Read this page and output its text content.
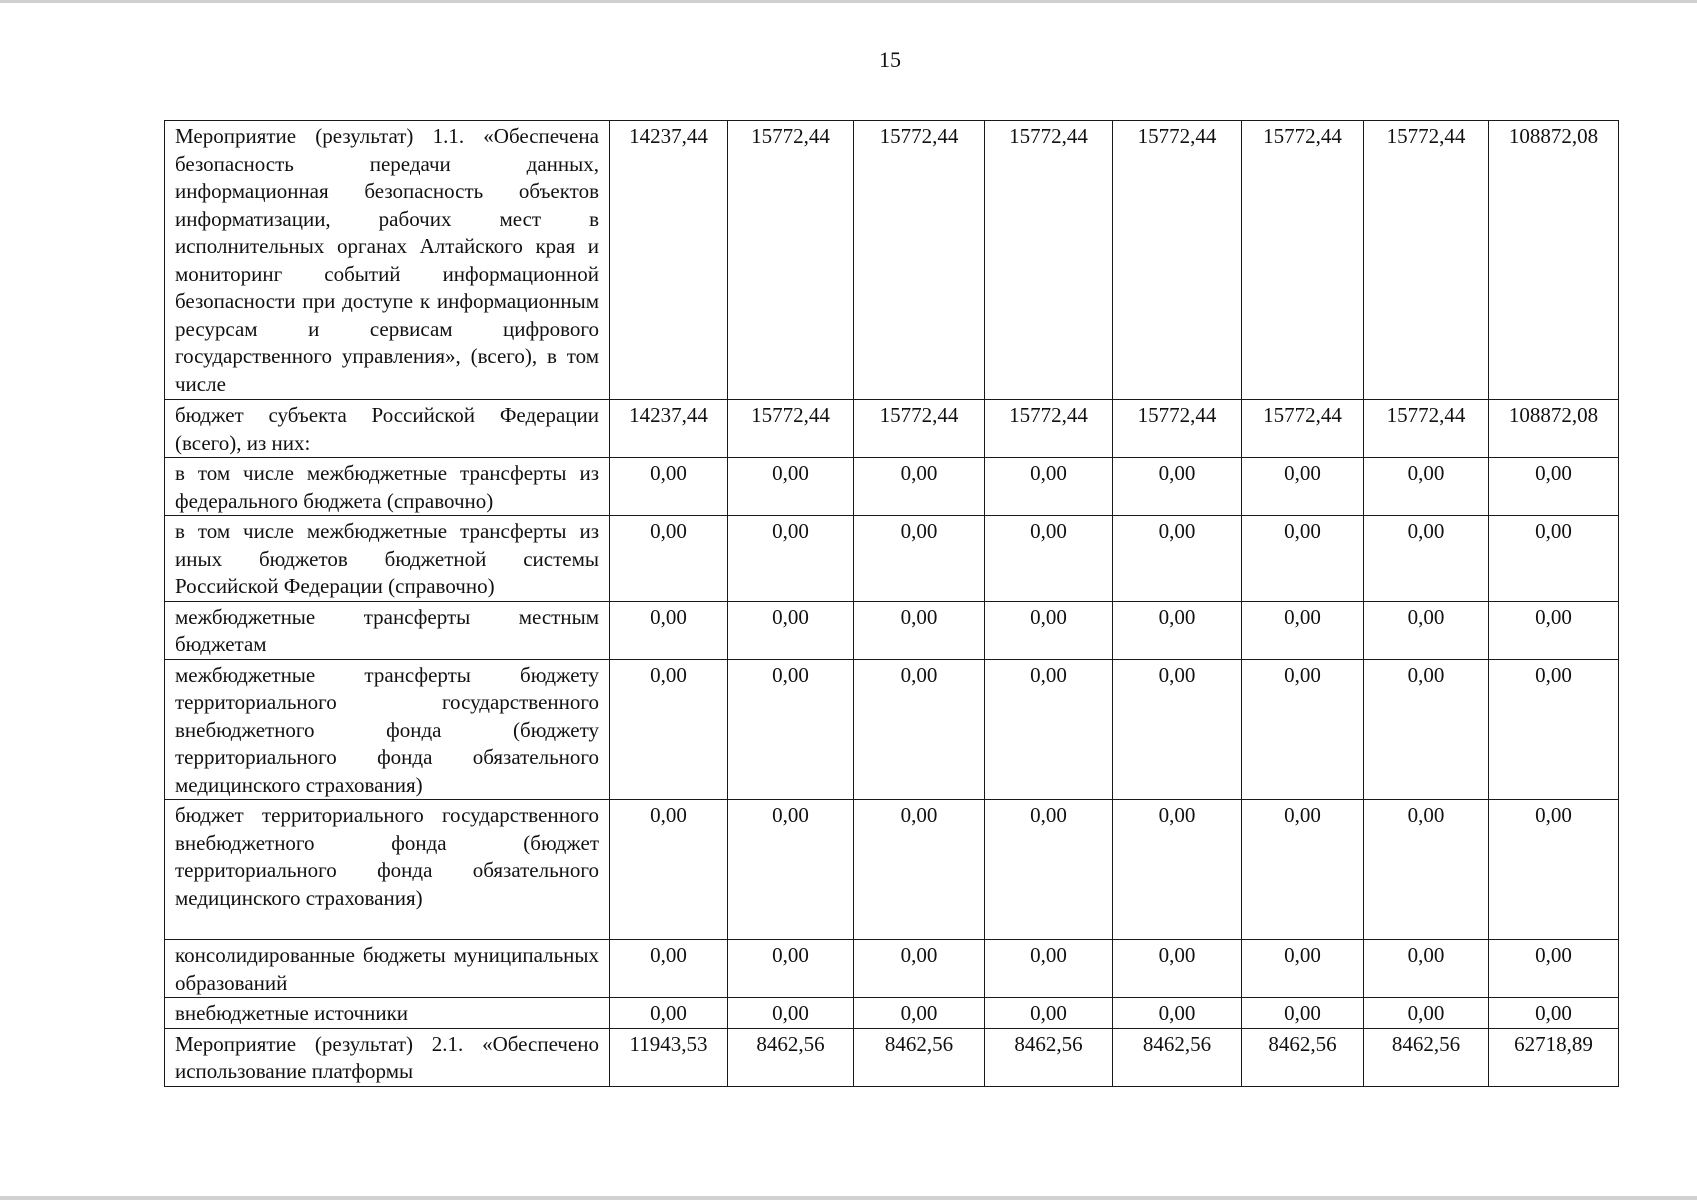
15
Мероприятие (результат) 1.1. «Обеспечена безопасность передачи данных, информационная безопасность объектов информатизации, рабочих мест в исполнительных органах Алтайского края и мониторинг событий информационной безопасности при доступе к информационным ресурсам и сервисам цифрового государственного управления», (всего), в том числе	14237,44	15772,44	15772,44	15772,44	15772,44	15772,44	15772,44	108872,08
бюджет субъекта Российской Федерации (всего), из них:	14237,44	15772,44	15772,44	15772,44	15772,44	15772,44	15772,44	108872,08
в том числе межбюджетные трансферты из федерального бюджета (справочно)	0,00	0,00	0,00	0,00	0,00	0,00	0,00	0,00
в том числе межбюджетные трансферты из иных бюджетов бюджетной системы Российской Федерации (справочно)	0,00	0,00	0,00	0,00	0,00	0,00	0,00	0,00
межбюджетные трансферты местным бюджетам	0,00	0,00	0,00	0,00	0,00	0,00	0,00	0,00
межбюджетные трансферты бюджету территориального государственного внебюджетного фонда (бюджету территориального фонда обязательного медицинского страхования)	0,00	0,00	0,00	0,00	0,00	0,00	0,00	0,00
бюджет территориального государственного внебюджетного фонда (бюджет территориального фонда обязательного медицинского страхования)	0,00	0,00	0,00	0,00	0,00	0,00	0,00	0,00
консолидированные бюджеты муниципальных образований	0,00	0,00	0,00	0,00	0,00	0,00	0,00	0,00
внебюджетные источники	0,00	0,00	0,00	0,00	0,00	0,00	0,00	0,00
Мероприятие (результат) 2.1. «Обеспечено использование платформы	11943,53	8462,56	8462,56	8462,56	8462,56	8462,56	8462,56	62718,89
